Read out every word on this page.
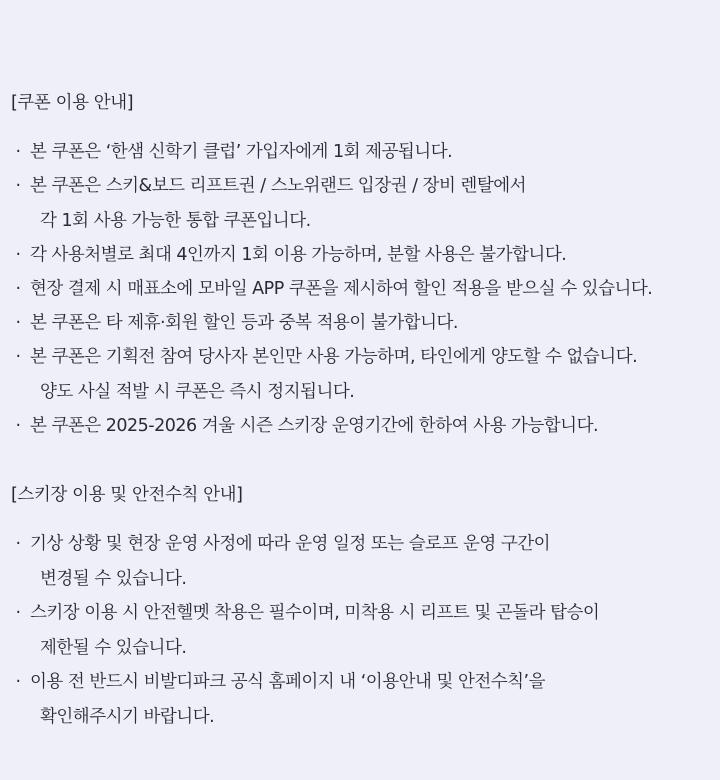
[쿠폰 이용 안내]
· 본 쿠폰은 ‘한샘 신학기 클럽’ 가입자에게 1회 제공됩니다.
· 본 쿠폰은 스키&보드 리프트권 / 스노위랜드 입장권 / 장비 렌탈에서
각 1회 사용 가능한 통합 쿠폰입니다.
· 각 사용처별로 최대 4인까지 1회 이용 가능하며, 분할 사용은 불가합니다.
· 현장 결제 시 매표소에 모바일 APP 쿠폰을 제시하여 할인 적용을 받으실 수 있습니다.
· 본 쿠폰은 타 제휴·회원 할인 등과 중복 적용이 불가합니다.
· 본 쿠폰은 기획전 참여 당사자 본인만 사용 가능하며, 타인에게 양도할 수 없습니다.
양도 사실 적발 시 쿠폰은 즉시 정지됩니다.
· 본 쿠폰은 2025-2026 겨울 시즌 스키장 운영기간에 한하여 사용 가능합니다.
[스키장 이용 및 안전수칙 안내]
· 기상 상황 및 현장 운영 사정에 따라 운영 일정 또는 슬로프 운영 구간이
변경될 수 있습니다.
· 스키장 이용 시 안전헬멧 착용은 필수이며, 미착용 시 리프트 및 곤돌라 탑승이
제한될 수 있습니다.
· 이용 전 반드시 비발디파크 공식 홈페이지 내 ‘이용안내 및 안전수칙’을
확인해주시기 바랍니다.
